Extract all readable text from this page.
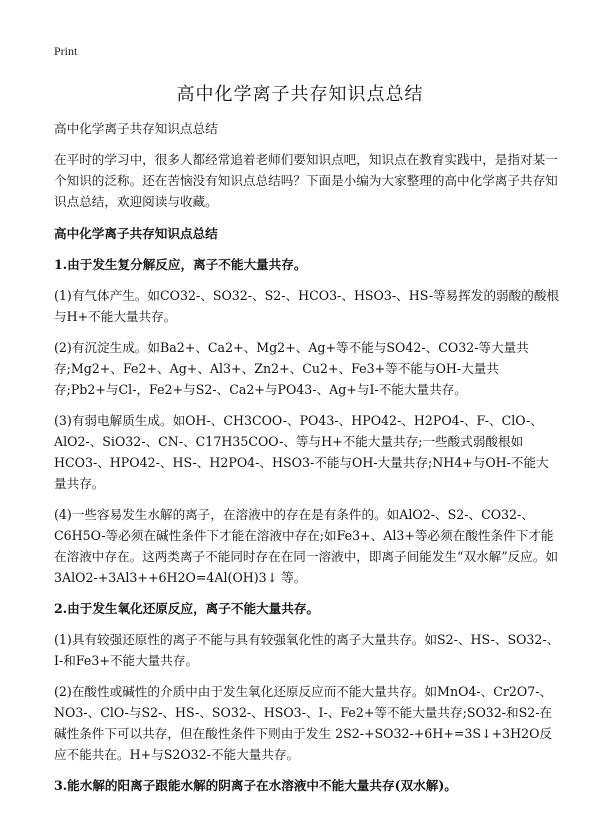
Print
高中化学离子共存知识点总结

高中化学离子共存知识点总结

在平时的学习中，很多人都经常追着老师们要知识点吧，知识点在教育实践中，是指对某一个知识的泛称。还在苦恼没有知识点总结吗？下面是小编为大家整理的高中化学离子共存知识点总结，欢迎阅读与收藏。

高中化学离子共存知识点总结

1.由于发生复分解反应，离子不能大量共存。

(1)有气体产生。如CO32-、SO32-、S2-、HCO3-、HSO3-、HS-等易挥发的弱酸的酸根与H+不能大量共存。

(2)有沉淀生成。如Ba2+、Ca2+、Mg2+、Ag+等不能与SO42-、CO32-等大量共存;Mg2+、Fe2+、Ag+、Al3+、Zn2+、Cu2+、Fe3+等不能与OH-大量共存;Pb2+与Cl-，Fe2+与S2-、Ca2+与PO43-、Ag+与I-不能大量共存。

(3)有弱电解质生成。如OH-、CH3COO-、PO43-、HPO42-、H2PO4-、F-、ClO-、AlO2-、SiO32-、CN-、C17H35COO-、等与H+不能大量共存;一些酸式弱酸根如HCO3-、HPO42-、HS-、H2PO4-、HSO3-不能与OH-大量共存;NH4+与OH-不能大量共存。

(4)一些容易发生水解的离子，在溶液中的存在是有条件的。如AlO2-、S2-、CO32-、C6H5O-等必须在碱性条件下才能在溶液中存在;如Fe3+、Al3+等必须在酸性条件下才能在溶液中存在。这两类离子不能同时存在在同一溶液中，即离子间能发生“双水解”反应。如 3AlO2-+3Al3++6H2O=4Al(OH)3↓ 等。

2.由于发生氧化还原反应，离子不能大量共存。

(1)具有较强还原性的离子不能与具有较强氧化性的离子大量共存。如S2-、HS-、SO32-、I-和Fe3+不能大量共存。

(2)在酸性或碱性的介质中由于发生氧化还原反应而不能大量共存。如MnO4-、Cr2O7-、NO3-、ClO-与S2-、HS-、SO32-、HSO3-、I-、Fe2+等不能大量共存;SO32-和S2-在碱性条件下可以共存，但在酸性条件下则由于发生 2S2-+SO32-+6H+=3S↓+3H2O反应不能共在。H+与S2O32-不能大量共存。

3.能水解的阳离子跟能水解的阴离子在水溶液中不能大量共存(双水解)。
